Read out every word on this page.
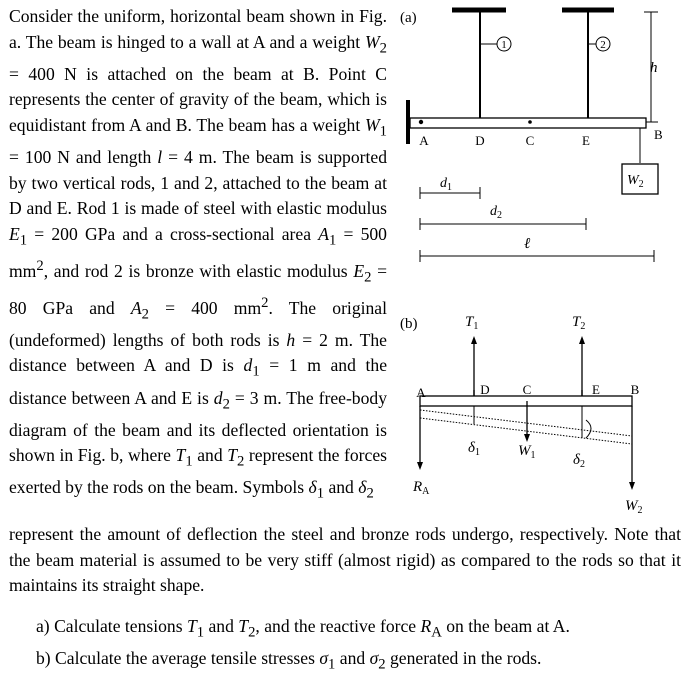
Consider the uniform, horizontal beam shown in Fig. a. The beam is hinged to a wall at A and a weight $W_2 = 400$ N is attached on the beam at B. Point C represents the center of gravity of the beam, which is equidistant from A and B. The beam has a weight $W_1 = 100$ N and length l = 4 m. The beam is supported by two vertical rods, 1 and 2, attached to the beam at D and E. Rod 1 is made of steel with elastic modulus $E_1 = 200$ GPa and a cross-sectional area $A_1 = 500$ $mm^2$, and rod 2 is bronze with elastic modulus $E_2 = 80$ GPa and $A_2 = 400$ $mm^2$. The original (undeformed) lengths of both rods is h = 2 m. The distance between A and D is $d_1 = 1$ m and the distance between A and E is $d_2 = 3$ m. The free-body diagram of the beam and its deflected orientation is shown in Fig. b, where $T_1$ and $T_2$ represent the forces exerted by the rods on the beam. Symbols $\delta_1$ and $\delta_2$

represent the amount of deflection the steel and bronze rods undergo, respectively. Note that the beam material is assumed to be very stiff (almost rigid) as compared to the rods so that it maintains its straight shape.

a) Calculate tensions $T_1$ and $T_2$, and the reactive force $R_A$ on the beam at A.
b) Calculate the average tensile stresses $\sigma_1$ and $\sigma_2$ generated in the rods.
(a)
1	2
h
A	D	C	E	B
$W_2$
$d_1$
$d_2$
ℓ
(b)	$T_1$	$T_2$
A	D	C	E B
$R_A$
$\delta_1$	$W_1$	$\delta_2$
$W_2$
